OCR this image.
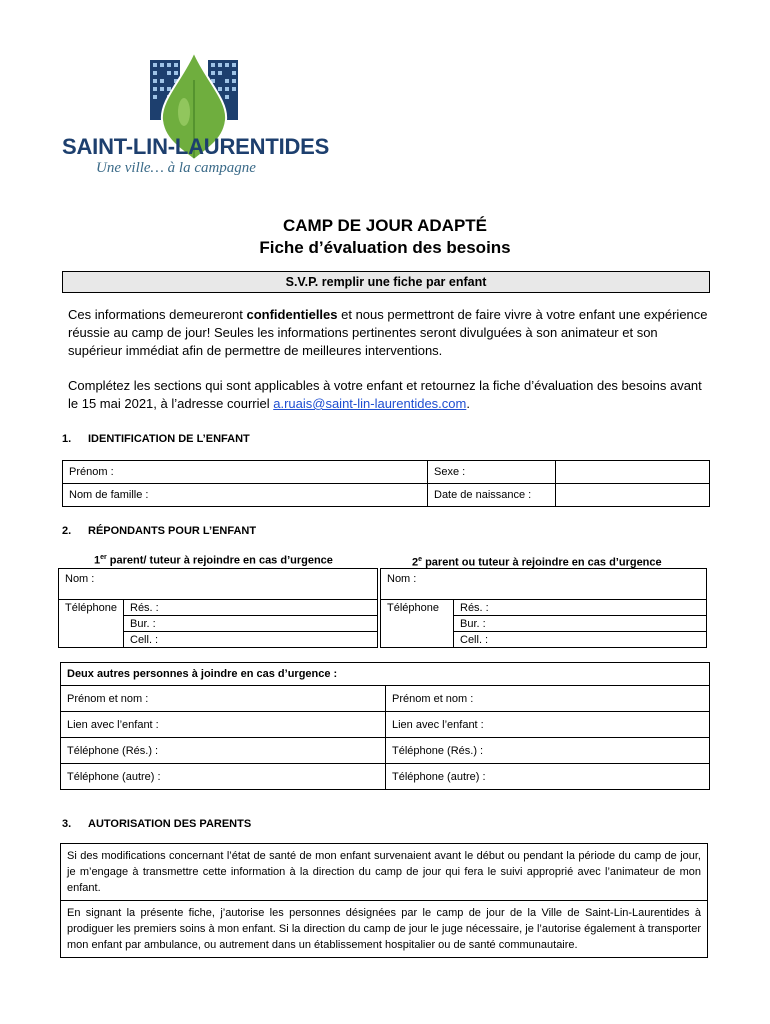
SAINT-LIN-LAURENTIDES
Une ville… à la campagne
CAMP DE JOUR ADAPTÉ
Fiche d’évaluation des besoins
S.V.P. remplir une fiche par enfant
Ces informations demeureront confidentielles et nous permettront de faire vivre à votre enfant une expérience réussie au camp de jour! Seules les informations pertinentes seront divulguées à son animateur et son supérieur immédiat afin de permettre de meilleures interventions.
Complétez les sections qui sont applicables à votre enfant et retournez la fiche d’évaluation des besoins avant le 15 mai 2021, à l’adresse courriel a.ruais@saint-lin-laurentides.com.
1. IDENTIFICATION DE L’ENFANT
Prénom :	Sexe :	
Nom de famille :	Date de naissance :	
2. RÉPONDANTS POUR L’ENFANT
1er parent/ tuteur à rejoindre en cas d’urgence	2e parent ou tuteur à rejoindre en cas d’urgence
Nom :
Téléphone	Rés. :
Bur. :
Cell. :
Nom :
Téléphone	Rés. :
Bur. :
Cell. :
Deux autres personnes à joindre en cas d’urgence :	
Prénom et nom :	Prénom et nom :
Lien avec l’enfant :	Lien avec l’enfant :
Téléphone (Rés.) :	Téléphone (Rés.) :
Téléphone (autre) :	Téléphone (autre) :
3. AUTORISATION DES PARENTS
Si des modifications concernant l’état de santé de mon enfant survenaient avant le début ou pendant la période du camp de jour, je m’engage à transmettre cette information à la direction du camp de jour qui fera le suivi approprié avec l’animateur de mon enfant.
En signant la présente fiche, j’autorise les personnes désignées par le camp de jour de la Ville de Saint-Lin-Laurentides à prodiguer les premiers soins à mon enfant. Si la direction du camp de jour le juge nécessaire, je l’autorise également à transporter mon enfant par ambulance, ou autrement dans un établissement hospitalier ou de santé communautaire.
